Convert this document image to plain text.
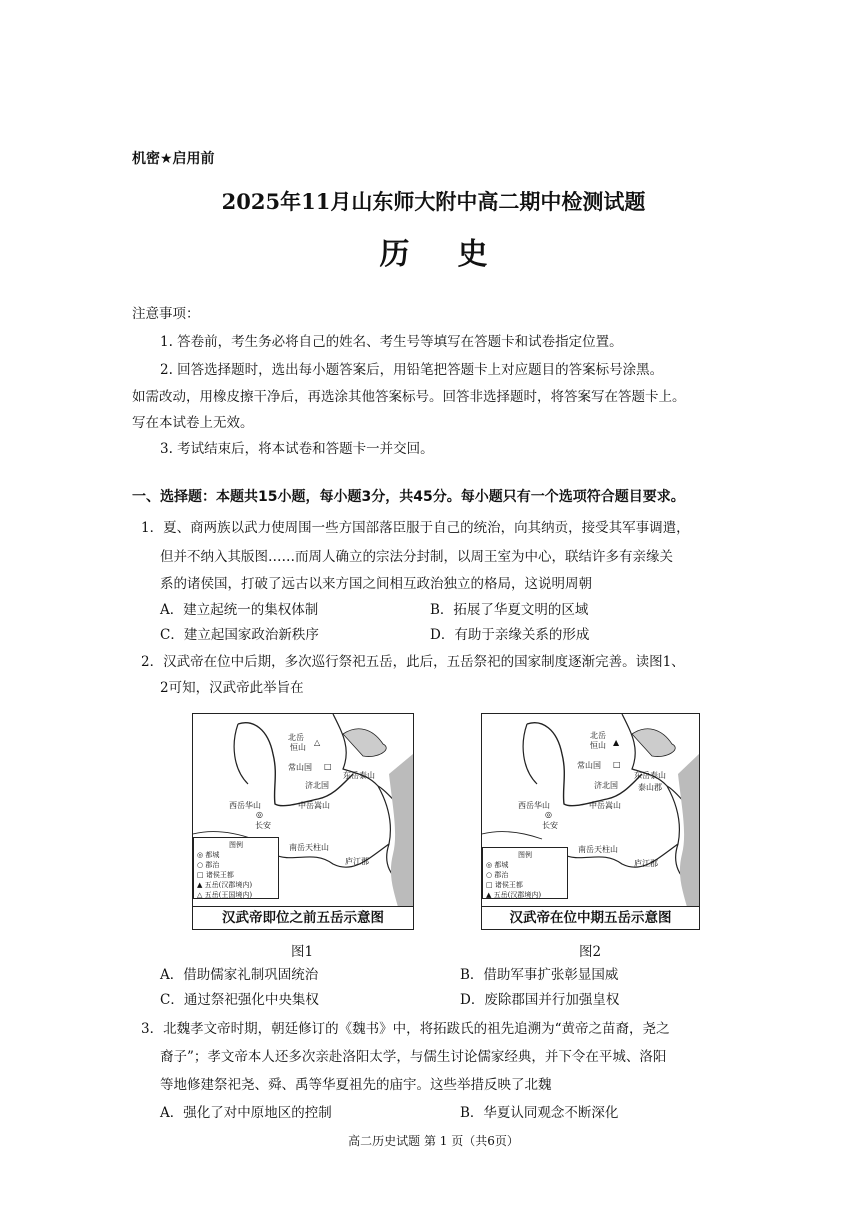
机密★启用前
2025年11月山东师大附中高二期中检测试题
历史
注意事项：
1. 答卷前，考生务必将自己的姓名、考生号等填写在答题卡和试卷指定位置。
2. 回答选择题时，选出每小题答案后，用铅笔把答题卡上对应题目的答案标号涂黑。
如需改动，用橡皮擦干净后，再选涂其他答案标号。回答非选择题时，将答案写在答题卡上。
写在本试卷上无效。
3. 考试结束后，将本试卷和答题卡一并交回。
一、选择题：本题共15小题，每小题3分，共45分。每小题只有一个选项符合题目要求。
1．夏、商两族以武力使周围一些方国部落臣服于自己的统治，向其纳贡，接受其军事调遣，
但并不纳入其版图……而周人确立的宗法分封制，以周王室为中心，联结许多有亲缘关
系的诸侯国，打破了远古以来方国之间相互政治独立的格局，这说明周朝
A．建立起统一的集权体制	B．拓展了华夏文明的区域
C．建立起国家政治新秩序	D．有助于亲缘关系的形成
2．汉武帝在位中后期，多次巡行祭祀五岳，此后，五岳祭祀的国家制度逐渐完善。读图1、
2可知，汉武帝此举旨在
北岳
恒山
△
常山国 □
济北国
东岳泰山
西岳华山	中岳嵩山
◎
长安
南岳天柱山
庐江郡
图例
◎ 都城
○ 郡治
□ 诸侯王都
▲ 五岳(汉郡境内)
△ 五岳(王国境内)
汉武帝即位之前五岳示意图
图1
北岳
恒山 ▲
常山国 □
济北国
东岳泰山
泰山郡
西岳华山	中岳嵩山
◎
长安
南岳天柱山
庐江郡
图例
◎ 都城
○ 郡治
□ 诸侯王都
▲ 五岳(汉郡境内)
汉武帝在位中期五岳示意图
图2
A．借助儒家礼制巩固统治	B．借助军事扩张彰显国威
C．通过祭祀强化中央集权	D．废除郡国并行加强皇权
3．北魏孝文帝时期，朝廷修订的《魏书》中，将拓跋氏的祖先追溯为“黄帝之苗裔，尧之
裔子”；孝文帝本人还多次亲赴洛阳太学，与儒生讨论儒家经典，并下令在平城、洛阳
等地修建祭祀尧、舜、禹等华夏祖先的庙宇。这些举措反映了北魏
A．强化了对中原地区的控制	B．华夏认同观念不断深化
高二历史试题 第 1 页（共6页）
